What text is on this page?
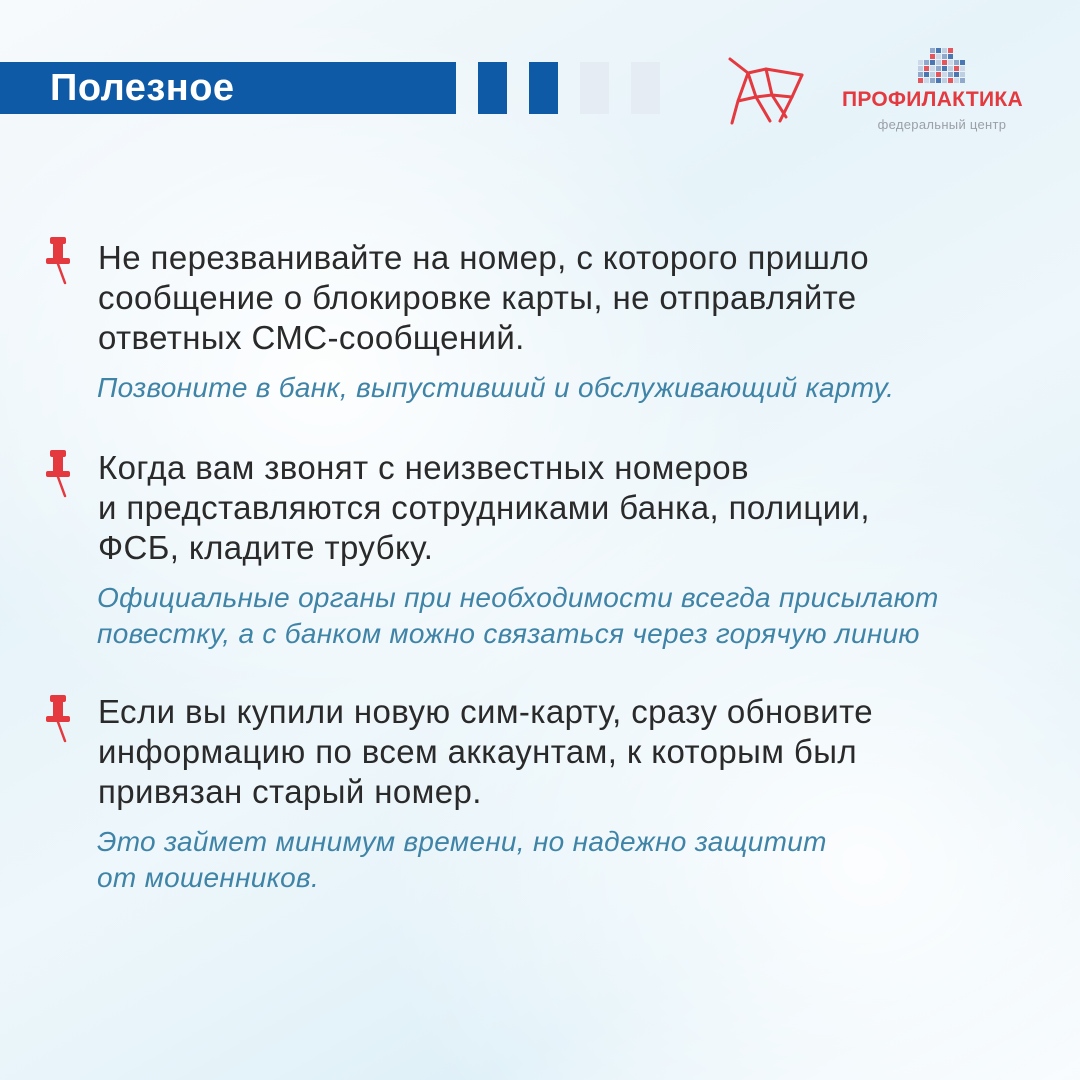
Полезное	ПРОФИЛАКТИКА
федеральный центр
Не перезванивайте на номер, с которого пришло
сообщение о блокировке карты, не отправляйте
ответных СМС-сообщений.
Позвоните в банк, выпустивший и обслуживающий карту.
Когда вам звонят с неизвестных номеров
и представляются сотрудниками банка, полиции,
ФСБ, кладите трубку.
Официальные органы при необходимости всегда присылают
повестку, а с банком можно связаться через горячую линию
Если вы купили новую сим-карту, сразу обновите
информацию по всем аккаунтам, к которым был
привязан старый номер.
Это займет минимум времени, но надежно защитит
от мошенников.
